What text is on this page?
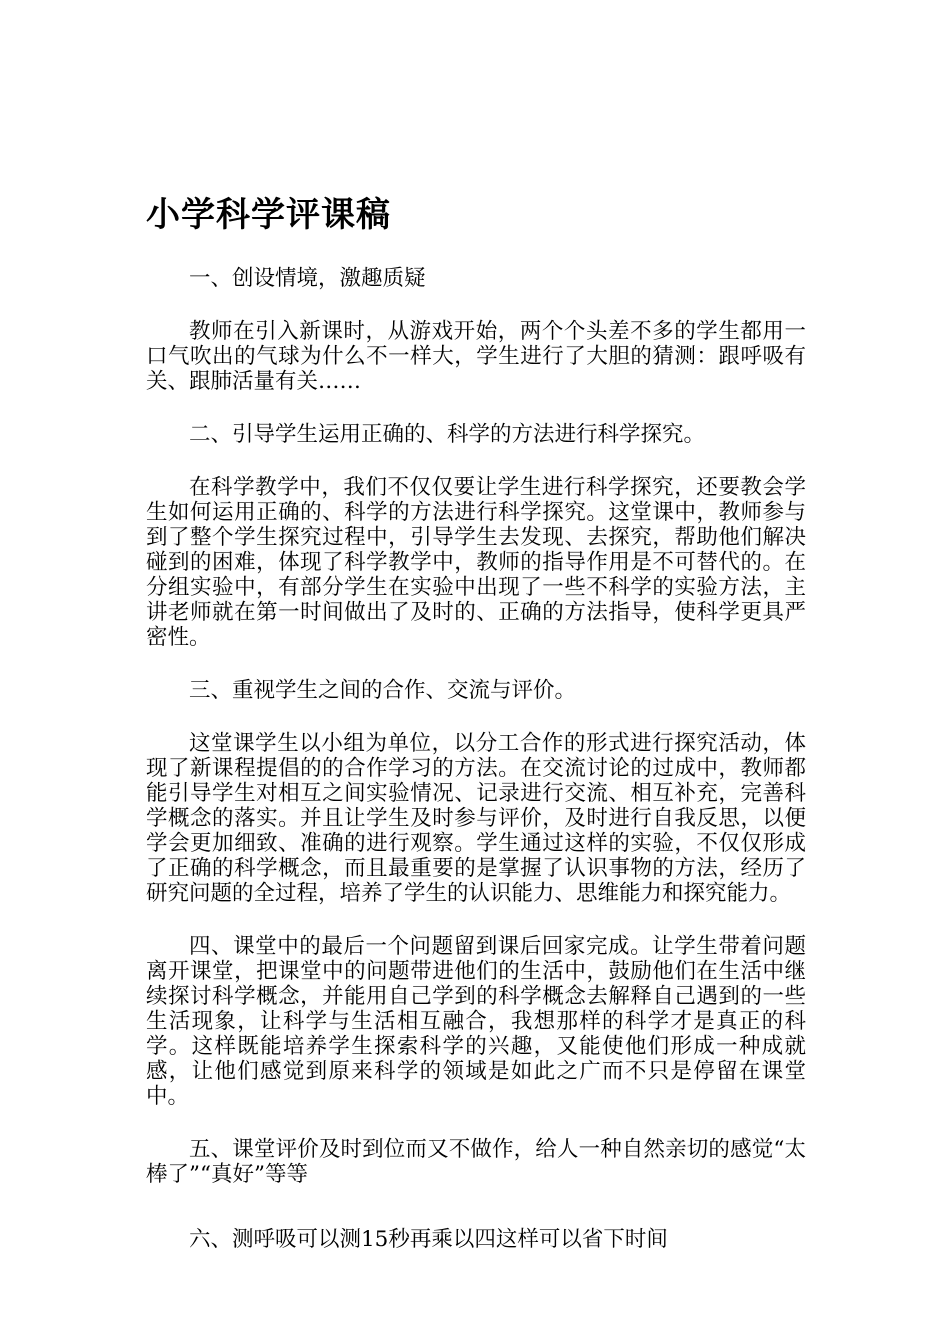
小学科学评课稿

一、创设情境，激趣质疑

教师在引入新课时，从游戏开始，两个个头差不多的学生都用一口气吹出的气球为什么不一样大，学生进行了大胆的猜测：跟呼吸有关、跟肺活量有关……

二、引导学生运用正确的、科学的方法进行科学探究。

在科学教学中，我们不仅仅要让学生进行科学探究，还要教会学生如何运用正确的、科学的方法进行科学探究。这堂课中，教师参与到了整个学生探究过程中，引导学生去发现、去探究，帮助他们解决碰到的困难，体现了科学教学中，教师的指导作用是不可替代的。在分组实验中，有部分学生在实验中出现了一些不科学的实验方法，主讲老师就在第一时间做出了及时的、正确的方法指导，使科学更具严密性。

三、重视学生之间的合作、交流与评价。

这堂课学生以小组为单位，以分工合作的形式进行探究活动，体现了新课程提倡的的合作学习的方法。在交流讨论的过成中，教师都能引导学生对相互之间实验情况、记录进行交流、相互补充，完善科学概念的落实。并且让学生及时参与评价，及时进行自我反思，以便学会更加细致、准确的进行观察。学生通过这样的实验，不仅仅形成了正确的科学概念，而且最重要的是掌握了认识事物的方法，经历了研究问题的全过程，培养了学生的认识能力、思维能力和探究能力。

四、课堂中的最后一个问题留到课后回家完成。让学生带着问题离开课堂，把课堂中的问题带进他们的生活中，鼓励他们在生活中继续探讨科学概念，并能用自己学到的科学概念去解释自己遇到的一些生活现象，让科学与生活相互融合，我想那样的科学才是真正的科学。这样既能培养学生探索科学的兴趣，又能使他们形成一种成就感，让他们感觉到原来科学的领域是如此之广而不只是停留在课堂中。

五、课堂评价及时到位而又不做作，给人一种自然亲切的感觉“太棒了”“真好”等等

六、测呼吸可以测15秒再乘以四这样可以省下时间
